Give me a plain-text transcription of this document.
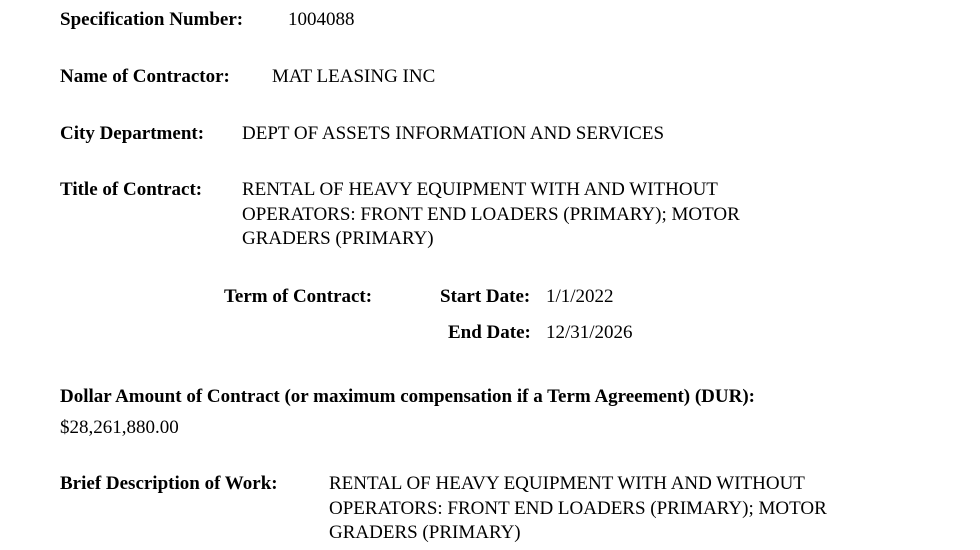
Specification Number: 1004088
Name of Contractor: MAT LEASING INC
City Department: DEPT OF ASSETS INFORMATION AND SERVICES
Title of Contract: RENTAL OF HEAVY EQUIPMENT WITH AND WITHOUT
OPERATORS: FRONT END LOADERS (PRIMARY); MOTOR
GRADERS (PRIMARY)
Term of Contract:	Start Date: 1/1/2022
End Date: 12/31/2026
Dollar Amount of Contract (or maximum compensation if a Term Agreement) (DUR):
$28,261,880.00
Brief Description of Work:	RENTAL OF HEAVY EQUIPMENT WITH AND WITHOUT
OPERATORS: FRONT END LOADERS (PRIMARY); MOTOR
GRADERS (PRIMARY)
